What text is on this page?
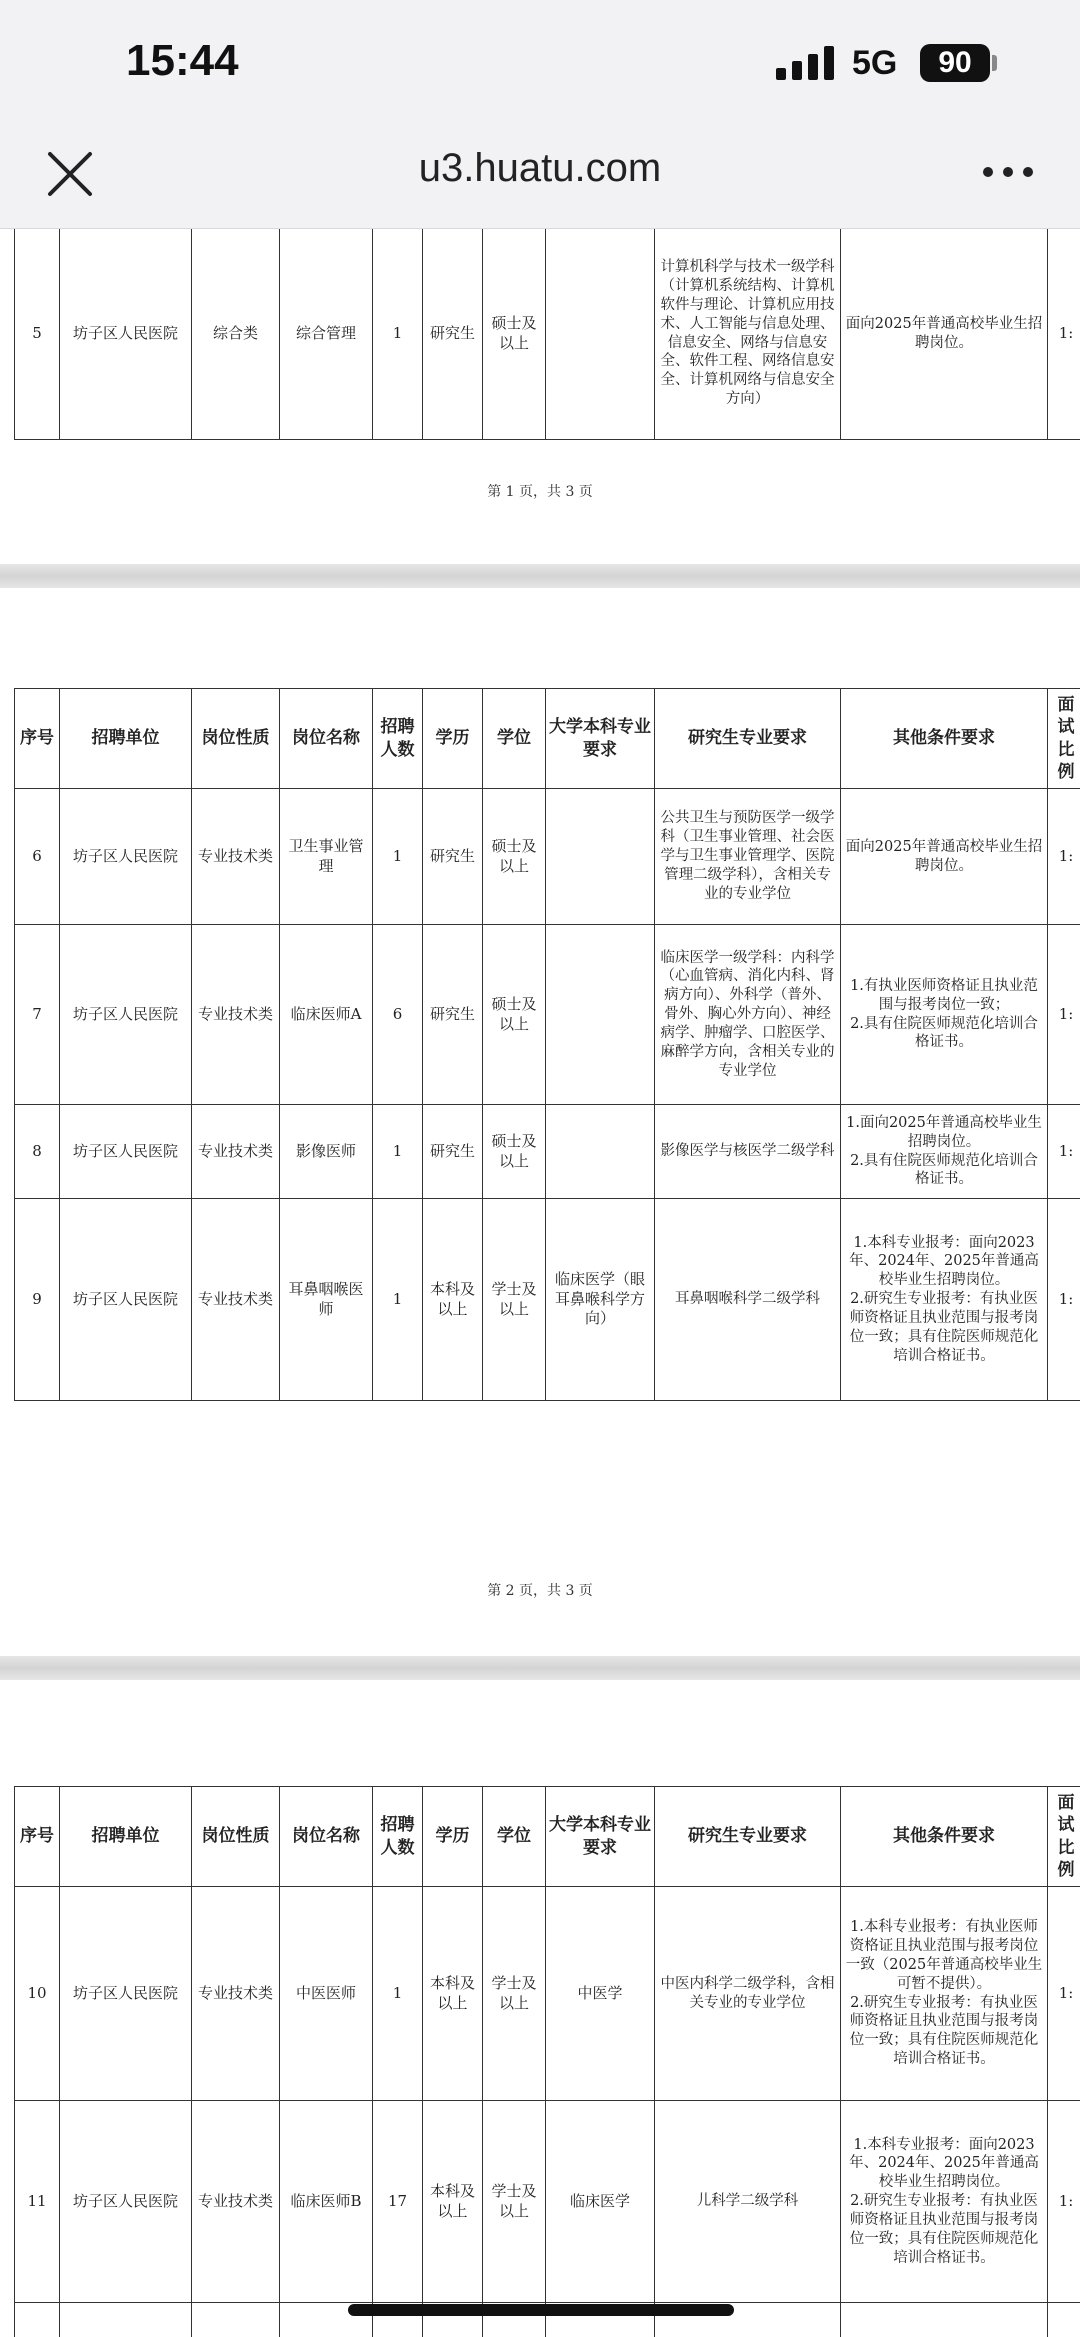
15:44	5G	90
u3.huatu.com

5	坊子区人民医院	综合类	综合管理	1	研究生	硕士及以上		计算机科学与技术一级学科（计算机系统结构、计算机软件与理论、计算机应用技术、人工智能与信息处理、信息安全、网络与信息安全、软件工程、网络信息安全、计算机网络与信息安全方向）	面向2025年普通高校毕业生招聘岗位。	1:
第 1 页，共 3 页
序号	招聘单位	岗位性质	岗位名称	招聘人数	学历	学位	大学本科专业要求	研究生专业要求	其他条件要求	面试比例
6	坊子区人民医院	专业技术类	卫生事业管理	1	研究生	硕士及以上		公共卫生与预防医学一级学科（卫生事业管理、社会医学与卫生事业管理学、医院管理二级学科），含相关专业的专业学位	面向2025年普通高校毕业生招聘岗位。	1:
7	坊子区人民医院	专业技术类	临床医师A	6	研究生	硕士及以上		临床医学一级学科：内科学（心血管病、消化内科、肾病方向）、外科学（普外、骨外、胸心外方向）、神经病学、肿瘤学、口腔医学、麻醉学方向，含相关专业的专业学位	1.有执业医师资格证且执业范围与报考岗位一致；
2.具有住院医师规范化培训合格证书。	1:
8	坊子区人民医院	专业技术类	影像医师	1	研究生	硕士及以上		影像医学与核医学二级学科	1.面向2025年普通高校毕业生招聘岗位。
2.具有住院医师规范化培训合格证书。	1:
9	坊子区人民医院	专业技术类	耳鼻咽喉医师	1	本科及以上	学士及以上	临床医学（眼耳鼻喉科学方向）	耳鼻咽喉科学二级学科	1.本科专业报考：面向2023年、2024年、2025年普通高校毕业生招聘岗位。
2.研究生专业报考：有执业医师资格证且执业范围与报考岗位一致；具有住院医师规范化培训合格证书。	1:
第 2 页，共 3 页
序号	招聘单位	岗位性质	岗位名称	招聘人数	学历	学位	大学本科专业要求	研究生专业要求	其他条件要求	面试比例
10	坊子区人民医院	专业技术类	中医医师	1	本科及以上	学士及以上	中医学	中医内科学二级学科，含相关专业的专业学位	1.本科专业报考：有执业医师资格证且执业范围与报考岗位一致（2025年普通高校毕业生可暂不提供）。
2.研究生专业报考：有执业医师资格证且执业范围与报考岗位一致；具有住院医师规范化培训合格证书。	1:
11	坊子区人民医院	专业技术类	临床医师B	17	本科及以上	学士及以上	临床医学	儿科学二级学科	1.本科专业报考：面向2023年、2024年、2025年普通高校毕业生招聘岗位。
2.研究生专业报考：有执业医师资格证且执业范围与报考岗位一致；具有住院医师规范化培训合格证书。	1:
